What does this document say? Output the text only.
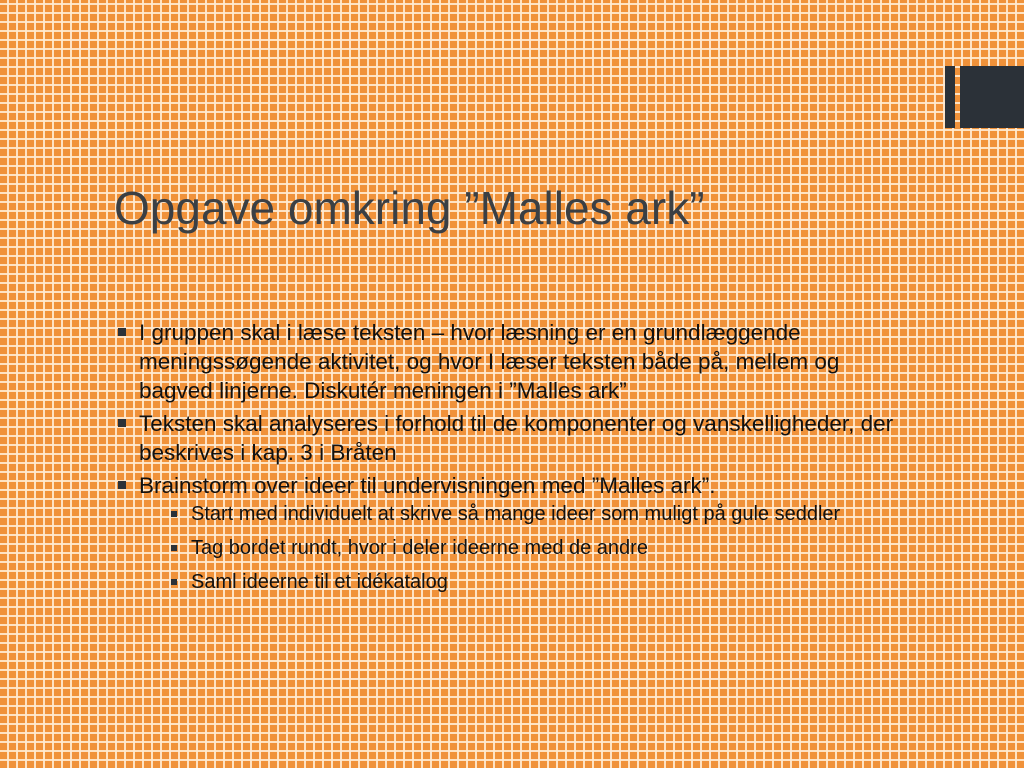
Opgave omkring ”Malles ark”
I gruppen skal i læse teksten – hvor læsning er en grundlæggende meningssøgende aktivitet, og hvor I læser teksten både på, mellem og bagved linjerne. Diskutér meningen i ”Malles ark”
Teksten skal analyseres i forhold til de komponenter og vanskelligheder, der beskrives i kap. 3 i Bråten
Brainstorm over ideer til undervisningen med ”Malles ark”.
Start med individuelt at skrive så mange ideer som muligt på gule seddler
Tag bordet rundt, hvor i deler ideerne med de andre
Saml ideerne til et idékatalog
